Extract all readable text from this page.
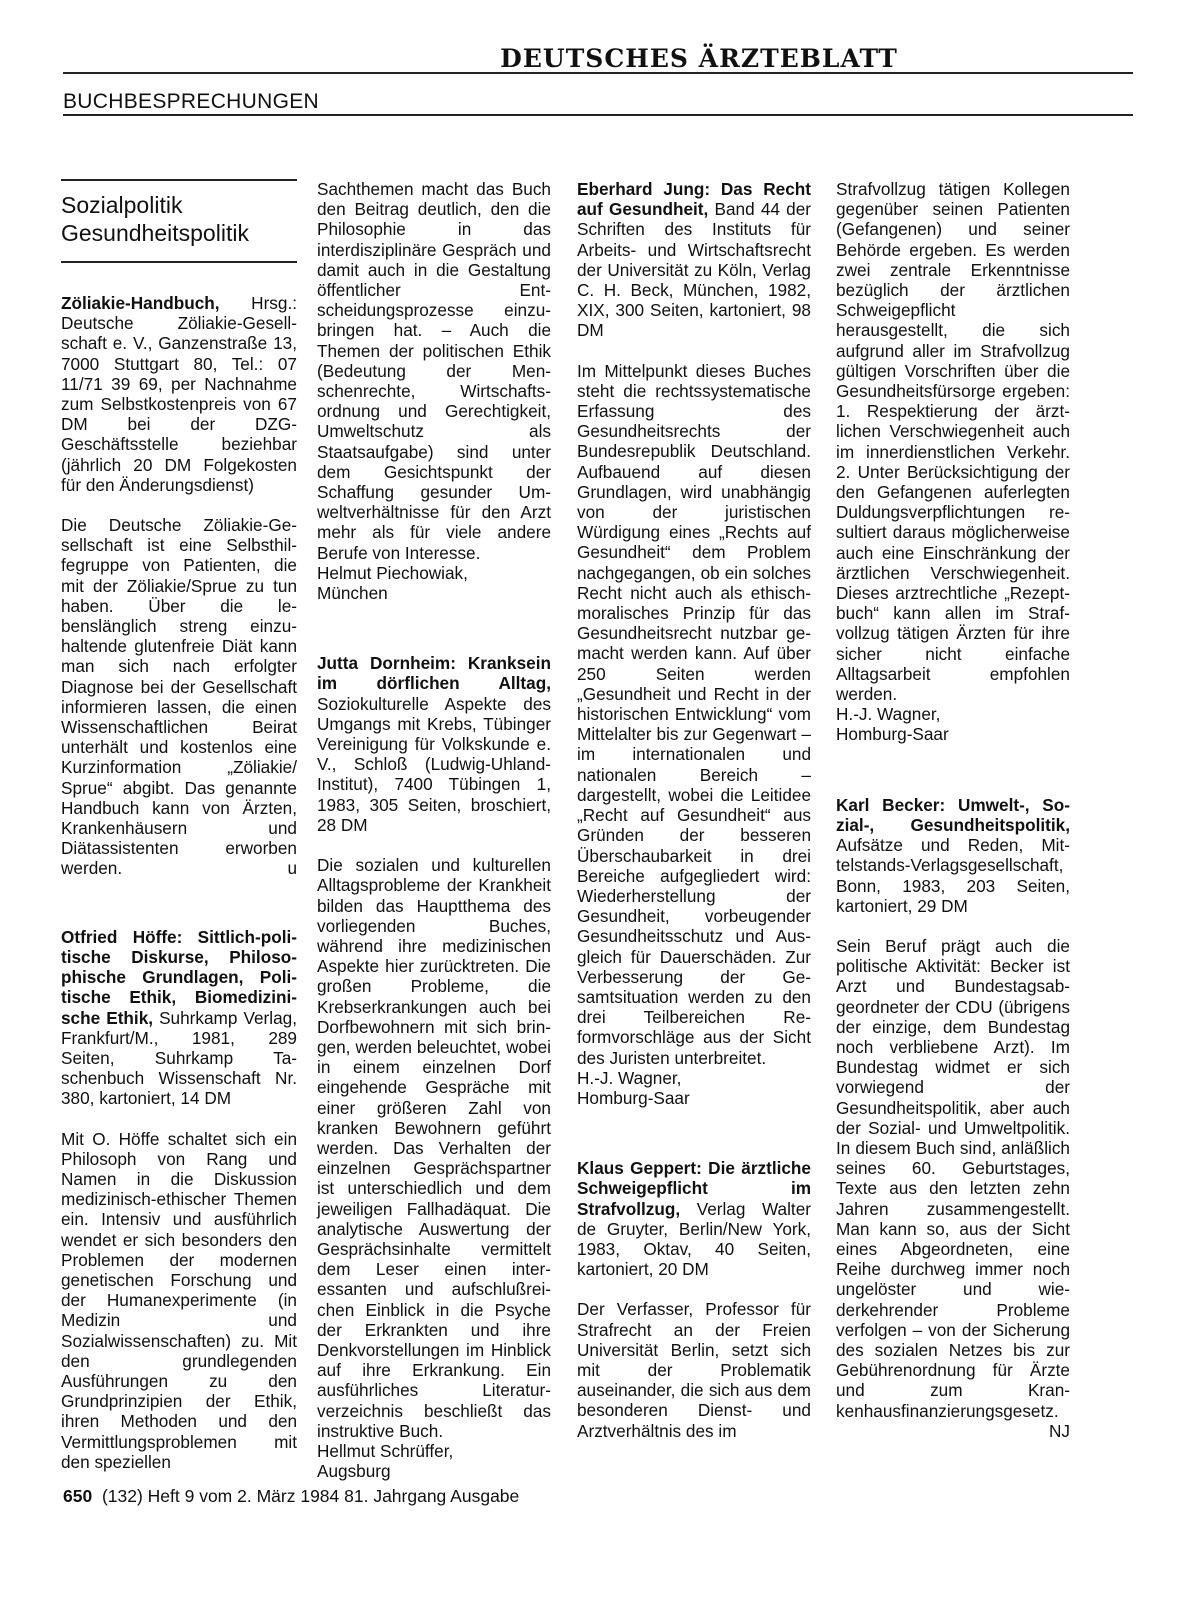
DEUTSCHES ÄRZTEBLATT
BUCHBESPRECHUNGEN
Sozialpolitik
Gesundheitspolitik

Zöliakie-Handbuch, Hrsg.: Deutsche Zöliakie-Gesellschaft e. V., Ganzenstraße 13, 7000 Stuttgart 80, Tel.: 07 11/71 39 69, per Nachnahme zum Selbstkostenpreis von 67 DM bei der DZG-Geschäftsstelle beziehbar (jährlich 20 DM Folgekosten für den Änderungsdienst)

Die Deutsche Zöliakie-Gesellschaft ist eine Selbsthilfegruppe von Patienten, die mit der Zöliakie/Sprue zu tun haben. Über die lebenslänglich streng einzuhaltende glutenfreie Diät kann man sich nach erfolgter Diagnose bei der Gesellschaft informieren lassen, die einen Wissenschaftlichen Beirat unterhält und kostenlos eine Kurzinformation „Zöliakie/ Sprue“ abgibt. Das genannte Handbuch kann von Ärzten, Krankenhäusern und Diätassistenten erworben werden.	u

Otfried Höffe: Sittlich-politische Diskurse, Philosophische Grundlagen, Politische Ethik, Biomedizinische Ethik, Suhrkamp Verlag, Frankfurt/M., 1981, 289 Seiten, Suhrkamp Taschenbuch Wissenschaft Nr. 380, kartoniert, 14 DM

Mit O. Höffe schaltet sich ein Philosoph von Rang und Namen in die Diskussion medizinisch-ethischer Themen ein. Intensiv und ausführlich wendet er sich besonders den Problemen der modernen genetischen Forschung und der Humanexperimente (in Medizin und Sozialwissenschaften) zu. Mit den grundlegenden Ausführungen zu den Grundprinzipien der Ethik, ihren Methoden und den Vermittlungsproblemen mit den speziellen

Sachthemen macht das Buch den Beitrag deutlich, den die Philosophie in das interdisziplinäre Gespräch und damit auch in die Gestaltung öffentlicher Entscheidungsprozesse einzubringen hat. – Auch die Themen der politischen Ethik (Bedeutung der Menschenrechte, Wirtschaftsordnung und Gerechtigkeit, Umweltschutz als Staatsaufgabe) sind unter dem Gesichtspunkt der Schaffung gesunder Umweltverhältnisse für den Arzt mehr als für viele andere Berufe von Interesse.

Helmut Piechowiak,
München

Jutta Dornheim: Kranksein im dörflichen Alltag, Soziokulturelle Aspekte des Umgangs mit Krebs, Tübinger Vereinigung für Volkskunde e. V., Schloß (Ludwig-Uhland-Institut), 7400 Tübingen 1, 1983, 305 Seiten, broschiert, 28 DM

Die sozialen und kulturellen Alltagsprobleme der Krankheit bilden das Hauptthema des vorliegenden Buches, während ihre medizinischen Aspekte hier zurücktreten. Die großen Probleme, die Krebserkrankungen auch bei Dorfbewohnern mit sich bringen, werden beleuchtet, wobei in einem einzelnen Dorf eingehende Gespräche mit einer größeren Zahl von kranken Bewohnern geführt werden. Das Verhalten der einzelnen Gesprächspartner ist unterschiedlich und dem jeweiligen Fallhadäquat. Die analytische Auswertung der Gesprächsinhalte vermittelt dem Leser einen interessanten und aufschlußreichen Einblick in die Psyche der Erkrankten und ihre Denkvorstellungen im Hinblick auf ihre Erkrankung. Ein ausführliches Literaturverzeichnis beschließt das instruktive Buch.

Hellmut Schrüffer,
Augsburg

Eberhard Jung: Das Recht auf Gesundheit, Band 44 der Schriften des Instituts für Arbeits- und Wirtschaftsrecht der Universität zu Köln, Verlag C. H. Beck, München, 1982, XIX, 300 Seiten, kartoniert, 98 DM

Im Mittelpunkt dieses Buches steht die rechtssystematische Erfassung des Gesundheitsrechts der Bundesrepublik Deutschland. Aufbauend auf diesen Grundlagen, wird unabhängig von der juristischen Würdigung eines „Rechts auf Gesundheit“ dem Problem nachgegangen, ob ein solches Recht nicht auch als ethisch-moralisches Prinzip für das Gesundheitsrecht nutzbar gemacht werden kann. Auf über 250 Seiten werden „Gesundheit und Recht in der historischen Entwicklung“ vom Mittelalter bis zur Gegenwart – im internationalen und nationalen Bereich – dargestellt, wobei die Leitidee „Recht auf Gesundheit“ aus Gründen der besseren Überschaubarkeit in drei Bereiche aufgegliedert wird: Wiederherstellung der Gesundheit, vorbeugender Gesundheitsschutz und Ausgleich für Dauerschäden. Zur Verbesserung der Gesamtsituation werden zu den drei Teilbereichen Reformvorschläge aus der Sicht des Juristen unterbreitet.

H.-J. Wagner,
Homburg-Saar

Klaus Geppert: Die ärztliche Schweigepflicht im Strafvollzug, Verlag Walter de Gruyter, Berlin/New York, 1983, Oktav, 40 Seiten, kartoniert, 20 DM

Der Verfasser, Professor für Strafrecht an der Freien Universität Berlin, setzt sich mit der Problematik auseinander, die sich aus dem besonderen Dienst- und Arztverhältnis des im

Strafvollzug tätigen Kollegen gegenüber seinen Patienten (Gefangenen) und seiner Behörde ergeben. Es werden zwei zentrale Erkenntnisse bezüglich der ärztlichen Schweigepflicht herausgestellt, die sich aufgrund aller im Strafvollzug gültigen Vorschriften über die Gesundheitsfürsorge ergeben: 1. Respektierung der ärztlichen Verschwiegenheit auch im innerdienstlichen Verkehr. 2. Unter Berücksichtigung der den Gefangenen auferlegten Duldungsverpflichtungen resultiert daraus möglicherweise auch eine Einschränkung der ärztlichen Verschwiegenheit. Dieses arztrechtliche „Rezeptbuch“ kann allen im Strafvollzug tätigen Ärzten für ihre sicher nicht einfache Alltagsarbeit empfohlen werden.

H.-J. Wagner,
Homburg-Saar

Karl Becker: Umwelt-, Sozial-, Gesundheitspolitik, Aufsätze und Reden, Mittelstands-Verlagsgesellschaft, Bonn, 1983, 203 Seiten, kartoniert, 29 DM

Sein Beruf prägt auch die politische Aktivität: Becker ist Arzt und Bundestagsabgeordneter der CDU (übrigens der einzige, dem Bundestag noch verbliebene Arzt). Im Bundestag widmet er sich vorwiegend der Gesundheitspolitik, aber auch der Sozial- und Umweltpolitik. In diesem Buch sind, anläßlich seines 60. Geburtstages, Texte aus den letzten zehn Jahren zusammengestellt. Man kann so, aus der Sicht eines Abgeordneten, eine Reihe durchweg immer noch ungelöster und wiederkehrender Probleme verfolgen – von der Sicherung des sozialen Netzes bis zur Gebührenordnung für Ärzte und zum Krankenhausfinanzierungsgesetz.
NJ

650 (132) Heft 9 vom 2. März 1984 81. Jahrgang Ausgabe
